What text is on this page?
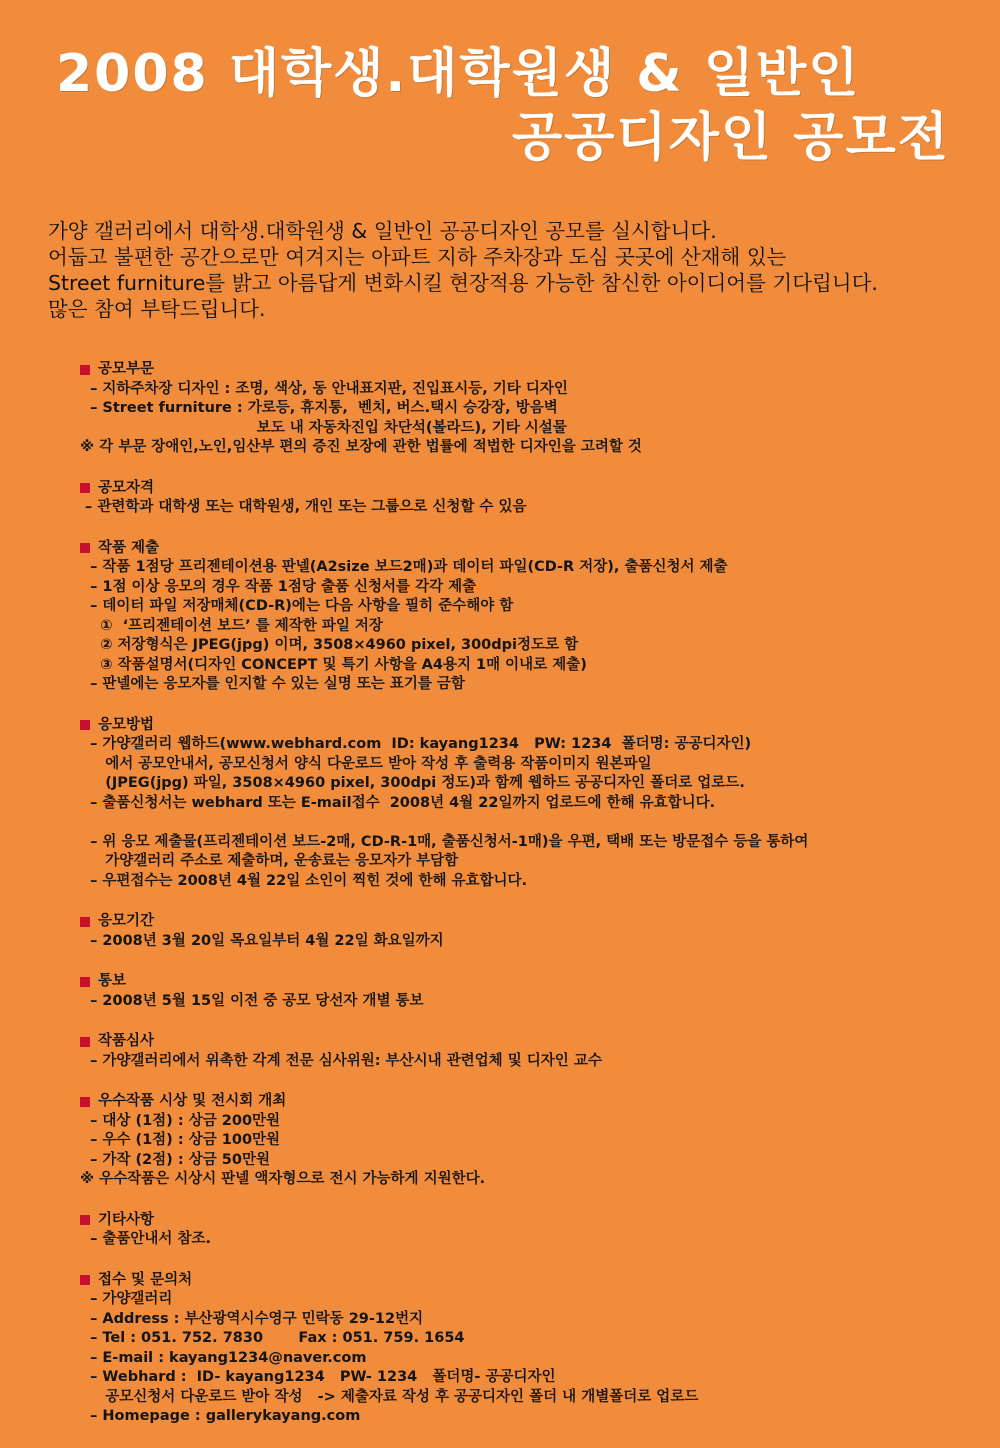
2008 대학생.대학원생 & 일반인
공공디자인 공모전

가양 갤러리에서 대학생.대학원생 & 일반인 공공디자인 공모를 실시합니다.

어둡고 불편한 공간으로만 여겨지는 아파트 지하 주차장과 도심 곳곳에 산재해 있는

Street furniture를 밝고 아름답게 변화시킬 현장적용 가능한 참신한 아이디어를 기다립니다.

많은 참여 부탁드립니다.

공모부문
– 지하주차장 디자인 : 조명, 색상, 동 안내표지판, 진입표시등, 기타 디자인
– Street furniture : 가로등, 휴지통,  벤치, 버스.택시 승강장, 방음벽
보도 내 자동차진입 차단석(볼라드), 기타 시설물
※ 각 부문 장애인,노인,임산부 편의 증진 보장에 관한 법률에 적법한 디자인을 고려할 것
공모자격
– 관련학과 대학생 또는 대학원생, 개인 또는 그룹으로 신청할 수 있음
작품 제출
– 작품 1점당 프리젠테이션용 판넬(A2size 보드2매)과 데이터 파일(CD-R 저장), 출품신청서 제출
– 1점 이상 응모의 경우 작품 1점당 출품 신청서를 각각 제출
– 데이터 파일 저장매체(CD-R)에는 다음 사항을 필히 준수해야 함
①  ‘프리젠테이션 보드’ 를 제작한 파일 저장
② 저장형식은 JPEG(jpg) 이며, 3508×4960 pixel, 300dpi정도로 함
③ 작품설명서(디자인 CONCEPT 및 특기 사항을 A4용지 1매 이내로 제출)
– 판넬에는 응모자를 인지할 수 있는 실명 또는 표기를 금함
응모방법
– 가양갤러리 웹하드(www.webhard.com  ID: kayang1234   PW: 1234  폴더명: 공공디자인)
에서 공모안내서, 공모신청서 양식 다운로드 받아 작성 후 출력용 작품이미지 원본파일
(JPEG(jpg) 파일, 3508×4960 pixel, 300dpi 정도)과 함께 웹하드 공공디자인 폴더로 업로드.
– 출품신청서는 webhard 또는 E-mail접수  2008년 4월 22일까지 업로드에 한해 유효합니다.
– 위 응모 제출물(프리젠테이션 보드-2매, CD-R-1매, 출품신청서-1매)을 우편, 택배 또는 방문접수 등을 통하여
가양갤러리 주소로 제출하며, 운송료는 응모자가 부담함
– 우편접수는 2008년 4월 22일 소인이 찍힌 것에 한해 유효합니다.
응모기간
– 2008년 3월 20일 목요일부터 4월 22일 화요일까지
통보
– 2008년 5월 15일 이전 중 공모 당선자 개별 통보
작품심사
– 가양갤러리에서 위촉한 각계 전문 심사위원: 부산시내 관련업체 및 디자인 교수
우수작품 시상 및 전시회 개최
– 대상 (1점) : 상금 200만원
– 우수 (1점) : 상금 100만원
– 가작 (2점) : 상금 50만원
※ 우수작품은 시상시 판넬 액자형으로 전시 가능하게 지원한다.
기타사항
– 출품안내서 참조.
접수 및 문의처
– 가양갤러리
– Address : 부산광역시수영구 민락동 29-12번지
– Tel : 051. 752. 7830       Fax : 051. 759. 1654
– E-mail : kayang1234@naver.com
– Webhard :  ID- kayang1234   PW- 1234   폴더명- 공공디자인
공모신청서 다운로드 받아 작성   -> 제출자료 작성 후 공공디자인 폴더 내 개별폴더로 업로드
– Homepage : gallerykayang.com
